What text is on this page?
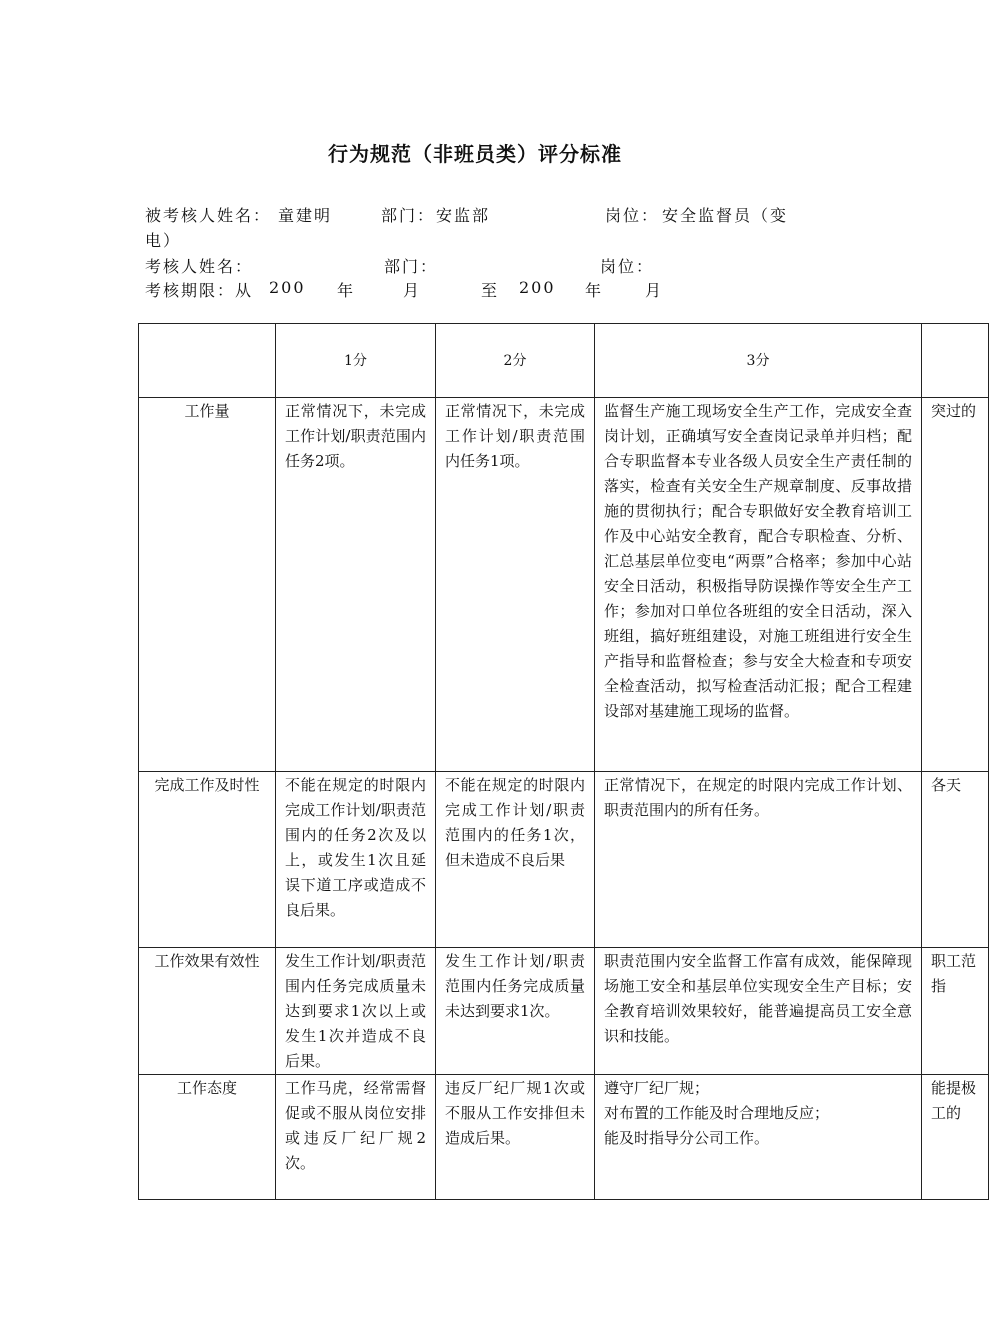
行为规范（非班员类）评分标准
被考核人姓名： 童建明	部门： 安监部	岗位： 安全监督员（变
电）
考核人姓名：	部门：	岗位：
考核期限：从 200 年	月	至 200 年	月
	1分	2分	3分	
工作量	正常情况下，未完成工作计划/职责范围内任务2项。	正常情况下，未完成工作计划/职责范围内任务1项。	监督生产施工现场安全生产工作，完成安全查岗计划，正确填写安全查岗记录单并归档；配合专职监督本专业各级人员安全生产责任制的落实，检查有关安全生产规章制度、反事故措施的贯彻执行；配合专职做好安全教育培训工作及中心站安全教育，配合专职检查、分析、汇总基层单位变电“两票”合格率；参加中心站安全日活动，积极指导防误操作等安全生产工作；参加对口单位各班组的安全日活动，深入班组，搞好班组建设，对施工班组进行安全生产指导和监督检查；参与安全大检查和专项安全检查活动，拟写检查活动汇报；配合工程建设部对基建施工现场的监督。	突过的
完成工作及时性	不能在规定的时限内完成工作计划/职责范围内的任务2次及以上，或发生1次且延误下道工序或造成不良后果。	不能在规定的时限内完成工作计划/职责范围内的任务1次，但未造成不良后果	正常情况下，在规定的时限内完成工作计划、职责范围内的所有任务。	各天
工作效果有效性	发生工作计划/职责范围内任务完成质量未达到要求1次以上或发生1次并造成不良后果。	发生工作计划/职责范围内任务完成质量未达到要求1次。	职责范围内安全监督工作富有成效，能保障现场施工安全和基层单位实现安全生产目标；安全教育培训效果较好，能普遍提高员工安全意识和技能。	职工范指
工作态度	工作马虎，经常需督促或不服从岗位安排或违反厂纪厂规2次。	违反厂纪厂规1次或不服从工作安排但未造成后果。	遵守厂纪厂规；
对布置的工作能及时合理地反应；
能及时指导分公司工作。	能提极工的
